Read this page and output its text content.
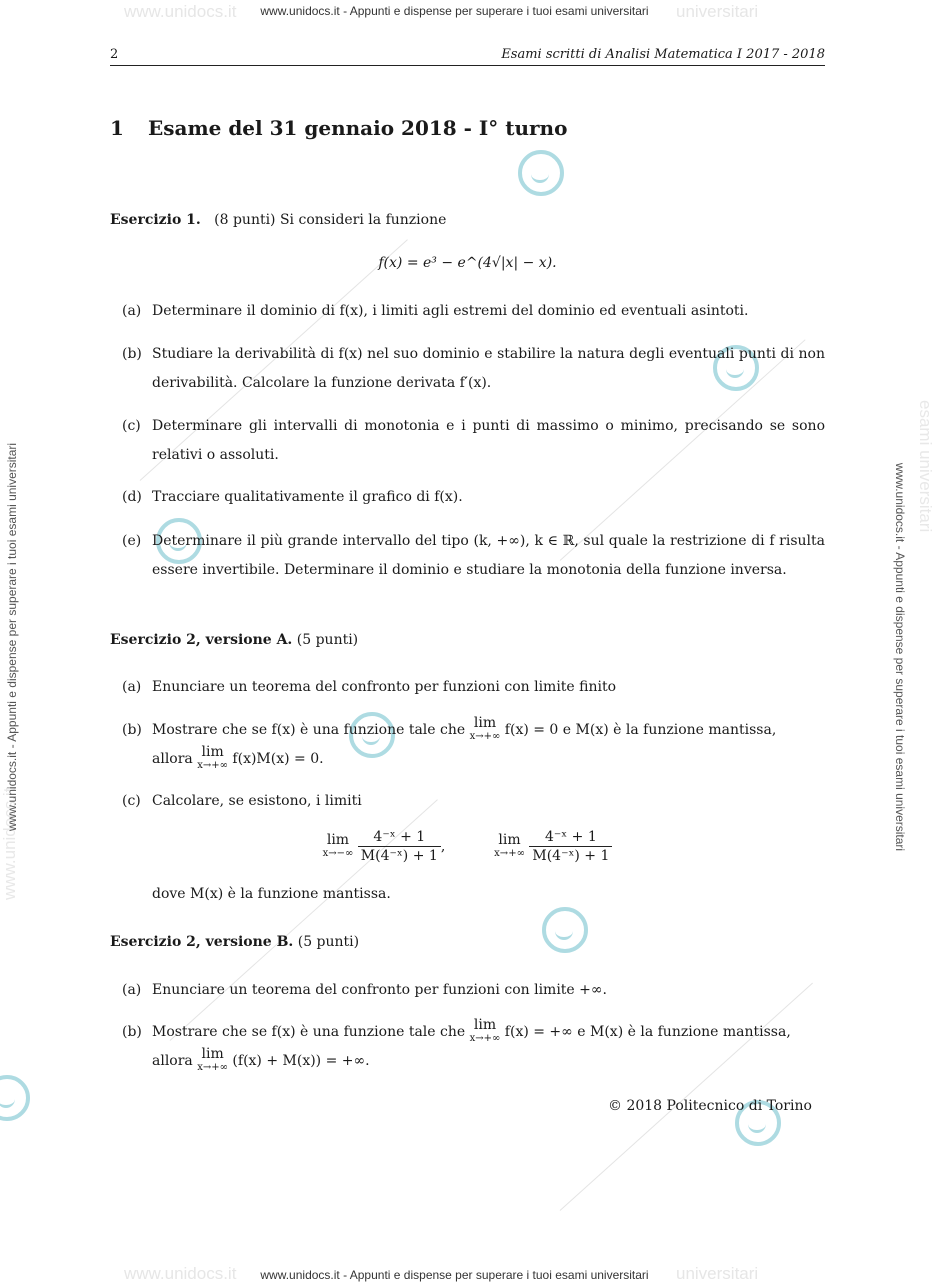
www.unidocs.it	universitari
www.unidocs.it - Appunti e dispense per superare i tuoi esami universitari
www.unidocs.it	universitari
www.unidocs.it - Appunti e dispense per superare i tuoi esami universitari
www.unidocs.it
www.unidocs.it - Appunti e dispense per superare i tuoi esami universitari	esami universitari
www.unidocs.it - Appunti e dispense per superare i tuoi esami universitari
2	Esami scritti di Analisi Matematica I 2017 - 2018
1 Esame del 31 gennaio 2018 - I° turno
Esercizio 1. (8 punti) Si consideri la funzione
f(x) = e³ − e^(4√|x| − x).
(a) Determinare il dominio di f(x), i limiti agli estremi del dominio ed eventuali asintoti.
(b) Studiare la derivabilità di f(x) nel suo dominio e stabilire la natura degli eventuali punti di non derivabilità. Calcolare la funzione derivata f′(x).
(c) Determinare gli intervalli di monotonia e i punti di massimo o minimo, precisando se sono relativi o assoluti.
(d) Tracciare qualitativamente il grafico di f(x).
(e) Determinare il più grande intervallo del tipo (k, +∞), k ∈ ℝ, sul quale la restrizione di f risulta essere invertibile. Determinare il dominio e studiare la monotonia della funzione inversa.
Esercizio 2, versione A. (5 punti)
(a) Enunciare un teorema del confronto per funzioni con limite finito
(b) Mostrare che se f(x) è una funzione tale che lim
x→+∞ f(x) = 0 e M(x) è la funzione mantissa,
allora lim
x→+∞ f(x)M(x) = 0.
(c) Calcolare, se esistono, i limiti
lim
x→−∞
$\frac{\text{4⁻ˣ + 1}}{\text{M(4⁻ˣ) + 1}}$ ,	lim
x→+∞
$\frac{\text{4⁻ˣ + 1}}{\text{M(4⁻ˣ) + 1}}$
dove M(x) è la funzione mantissa.
Esercizio 2, versione B. (5 punti)
(a) Enunciare un teorema del confronto per funzioni con limite +∞.
(b) Mostrare che se f(x) è una funzione tale che lim
x→+∞ f(x) = +∞ e M(x) è la funzione mantissa,
allora lim
x→+∞ (f(x) + M(x)) = +∞.
© 2018 Politecnico di Torino
